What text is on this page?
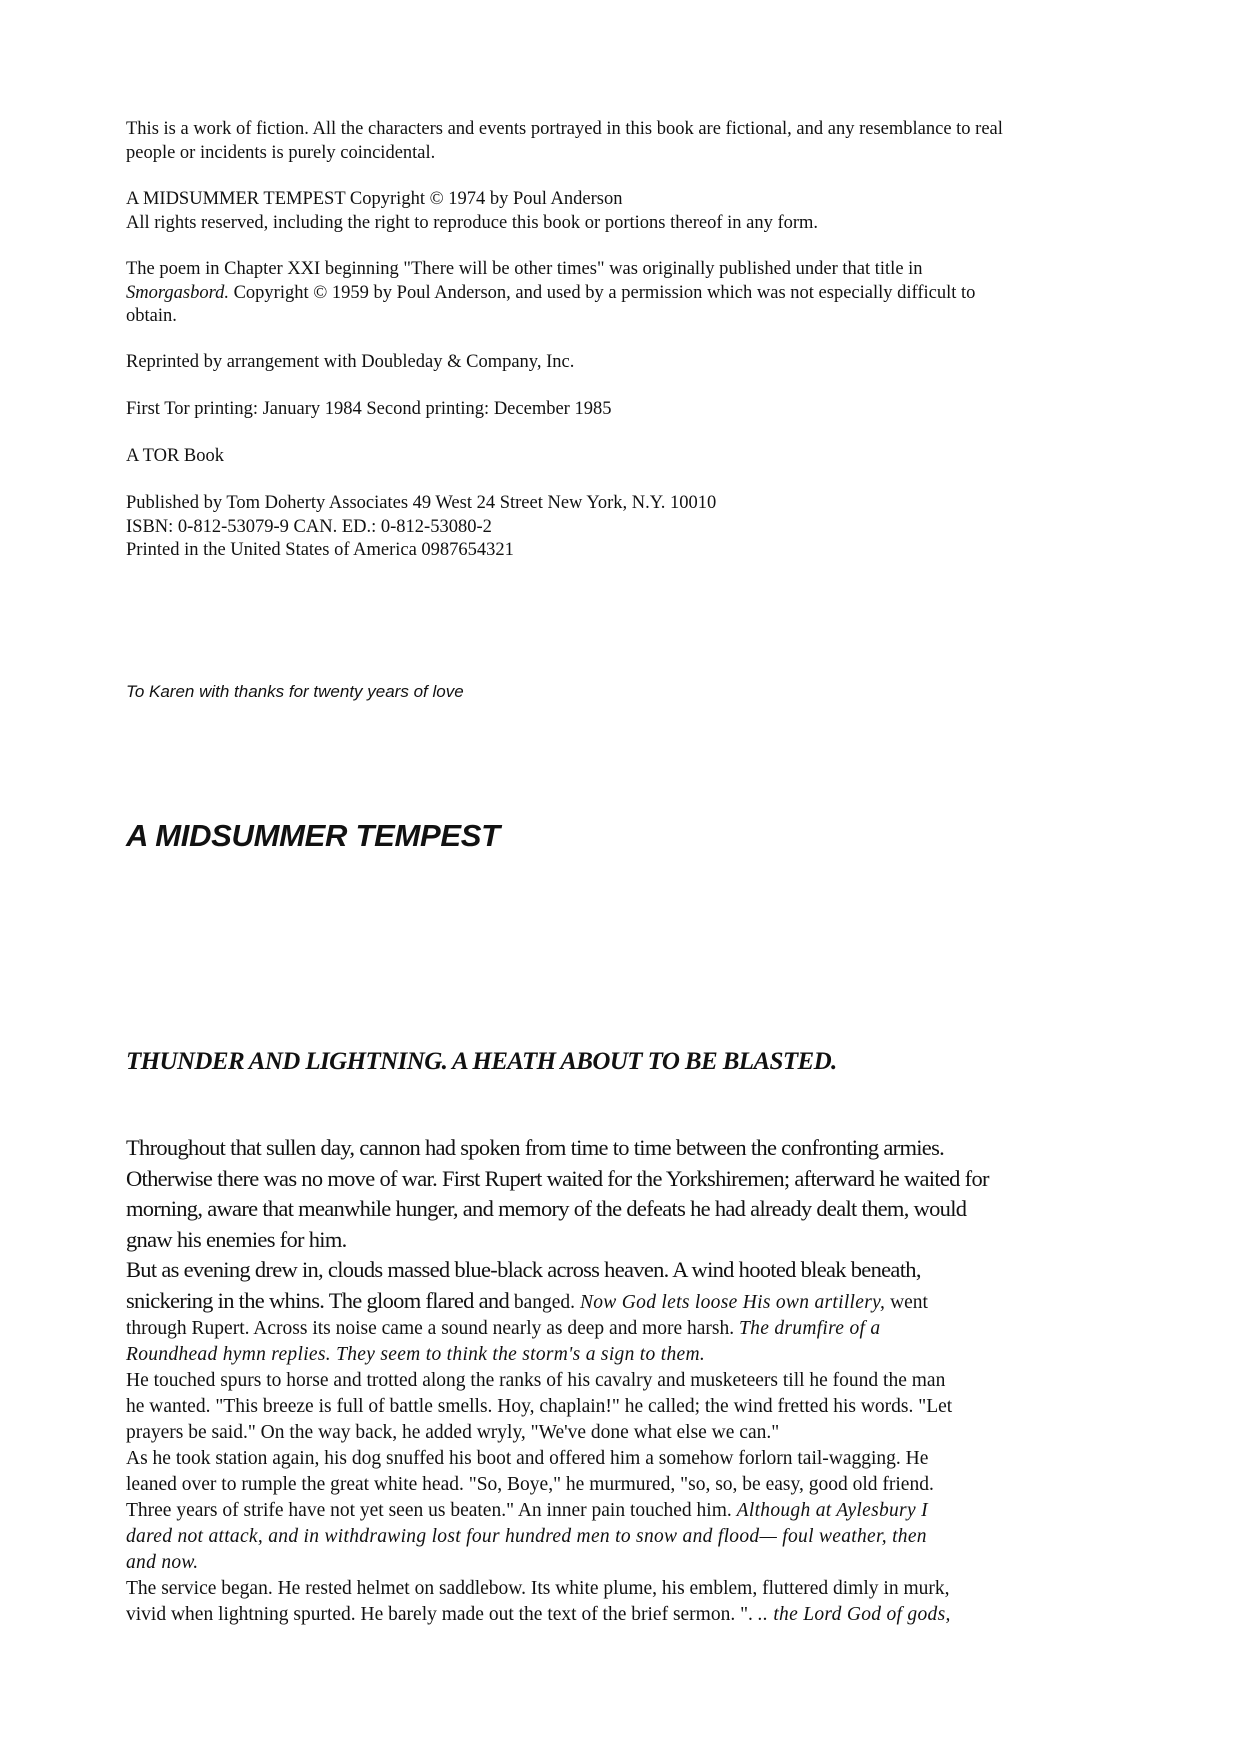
This is a work of fiction. All the characters and events portrayed in this book are fictional, and any resemblance to real

people or incidents is purely coincidental.

A MIDSUMMER TEMPEST Copyright © 1974 by Poul Anderson

All rights reserved, including the right to reproduce this book or portions thereof in any form.

The poem in Chapter XXI beginning "There will be other times" was originally published under that title in

Smorgasbord. Copyright © 1959 by Poul Anderson, and used by a permission which was not especially difficult to

obtain.

Reprinted by arrangement with Doubleday & Company, Inc.

First Tor printing: January 1984 Second printing: December 1985

A TOR Book

Published by Tom Doherty Associates 49 West 24 Street New York, N.Y. 10010

ISBN: 0-812-53079-9 CAN. ED.: 0-812-53080-2

Printed in the United States of America 0987654321

To Karen with thanks for twenty years of love

A MIDSUMMER TEMPEST
THUNDER AND LIGHTNING. A HEATH ABOUT TO BE BLASTED.

Throughout that sullen day, cannon had spoken from time to time between the confronting armies.

Otherwise there was no move of war. First Rupert waited for the Yorkshiremen; afterward he waited for

morning, aware that meanwhile hunger, and memory of the defeats he had already dealt them, would

gnaw his enemies for him.

But as evening drew in, clouds massed blue-black across heaven. A wind hooted bleak beneath,

snickering in the whins. The gloom flared and banged. Now God lets loose His own artillery, went

through Rupert. Across its noise came a sound nearly as deep and more harsh. The drumfire of a

Roundhead hymn replies. They seem to think the storm's a sign to them.

He touched spurs to horse and trotted along the ranks of his cavalry and musketeers till he found the man

he wanted. "This breeze is full of battle smells. Hoy, chaplain!" he called; the wind fretted his words. "Let

prayers be said." On the way back, he added wryly, "We've done what else we can."

As he took station again, his dog snuffed his boot and offered him a somehow forlorn tail-wagging. He

leaned over to rumple the great white head. "So, Boye," he murmured, "so, so, be easy, good old friend.

Three years of strife have not yet seen us beaten." An inner pain touched him. Although at Aylesbury I

dared not attack, and in withdrawing lost four hundred men to snow and flood— foul weather, then

and now.

The service began. He rested helmet on saddlebow. Its white plume, his emblem, fluttered dimly in murk,

vivid when lightning spurted. He barely made out the text of the brief sermon. ". .. the Lord God of gods,
